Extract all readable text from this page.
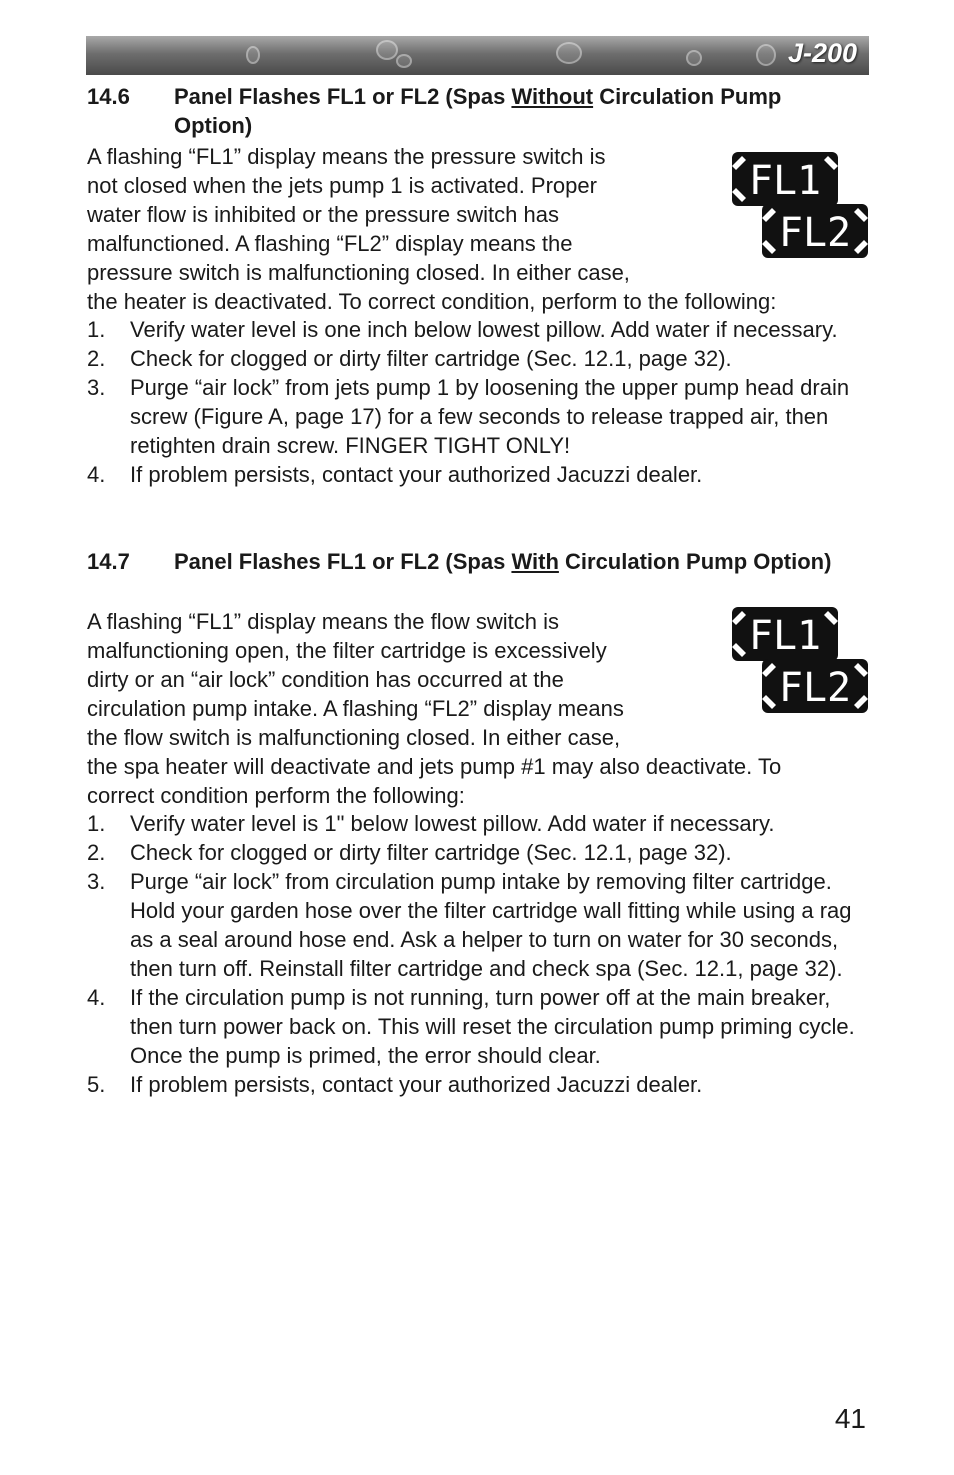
J-200
14.6 Panel Flashes FL1 or FL2 (Spas Without Circulation Pump Option)
A flashing “FL1” display means the pressure switch is
not closed when the jets pump 1 is activated. Proper
water flow is inhibited or the pressure switch has
malfunctioned. A flashing “FL2” display means the
pressure switch is malfunctioning closed. In either case,
the heater is deactivated. To correct condition, perform to the following:
FL1
FL2
1. Verify water level is one inch below lowest pillow. Add water if necessary.
2. Check for clogged or dirty filter cartridge (Sec. 12.1, page 32).
3. Purge “air lock” from jets pump 1 by loosening the upper pump head drain screw (Figure A, page 17) for a few seconds to release trapped air, then retighten drain screw. FINGER TIGHT ONLY!
4. If problem persists, contact your authorized Jacuzzi dealer.
14.7 Panel Flashes FL1 or FL2 (Spas With Circulation Pump Option)
A flashing “FL1” display means the flow switch is
malfunctioning open, the filter cartridge is excessively
dirty or an “air lock” condition has occurred at the
circulation pump intake. A flashing “FL2” display means
the flow switch is malfunctioning closed. In either case,
the spa heater will deactivate and jets pump #1 may also deactivate. To
correct condition perform the following:
FL1
FL2
1. Verify water level is 1" below lowest pillow. Add water if necessary.
2. Check for clogged or dirty filter cartridge (Sec. 12.1, page 32).
3. Purge “air lock” from circulation pump intake by removing filter cartridge. Hold your garden hose over the filter cartridge wall fitting while using a rag as a seal around hose end. Ask a helper to turn on water for 30 seconds, then turn off. Reinstall filter cartridge and check spa (Sec. 12.1, page 32).
4. If the circulation pump is not running, turn power off at the main breaker, then turn power back on. This will reset the circulation pump priming cycle. Once the pump is primed, the error should clear.
5. If problem persists, contact your authorized Jacuzzi dealer.
41
